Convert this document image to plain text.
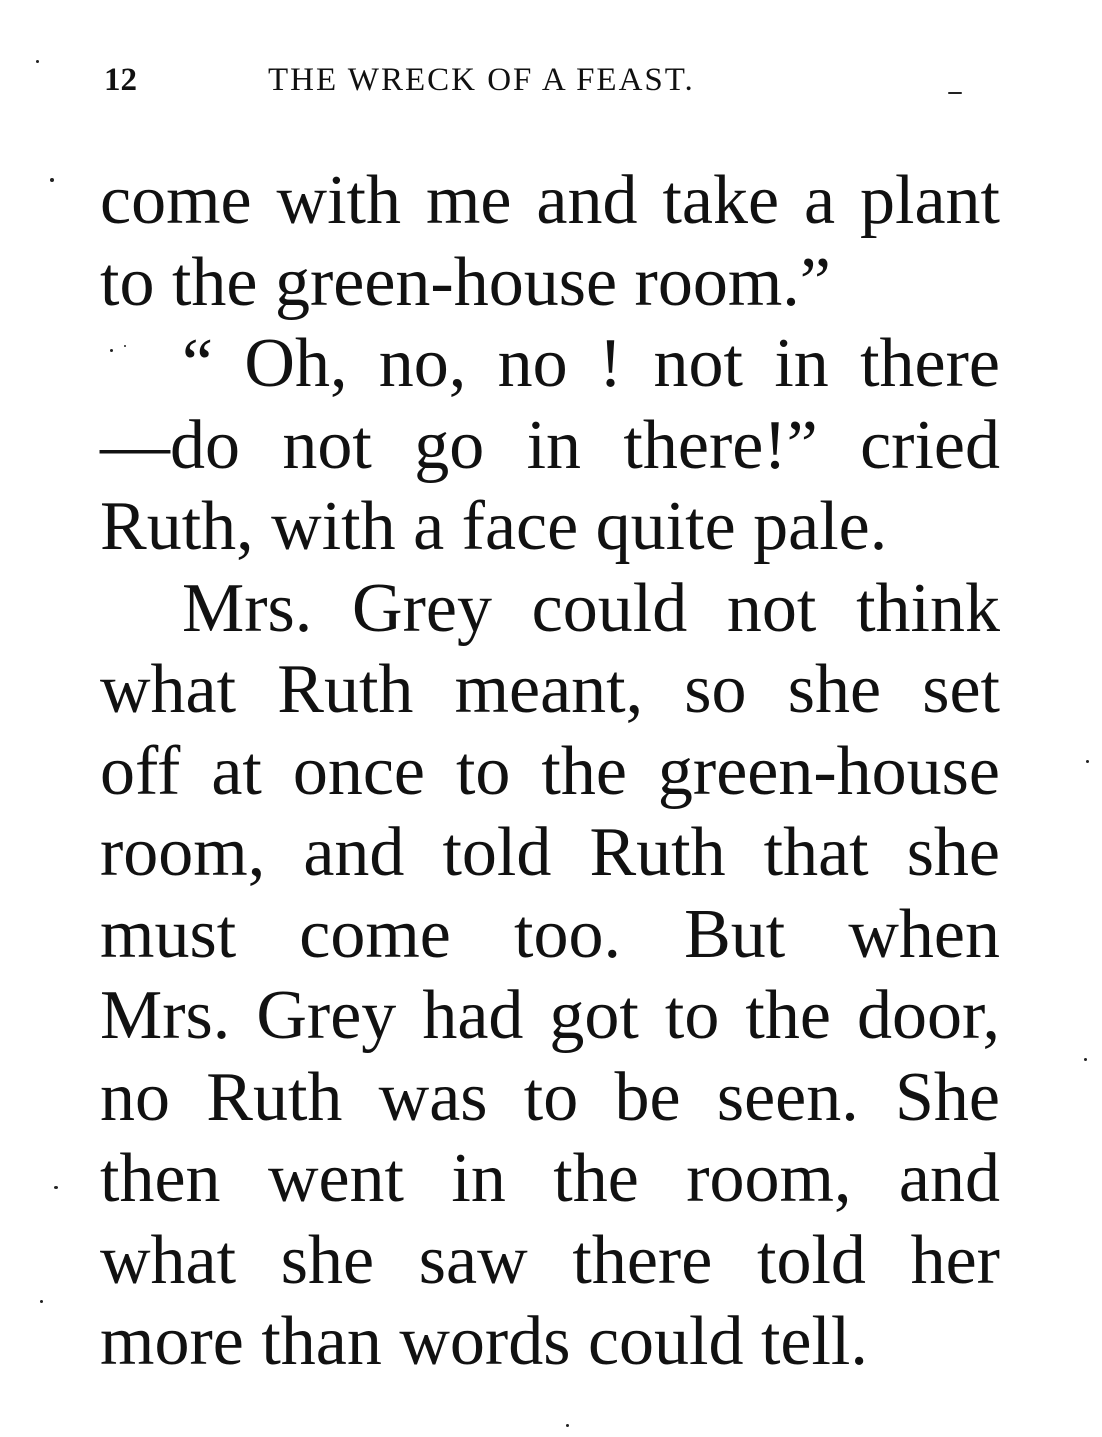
12	THE WRECK OF A FEAST.
come with me and take a plant
to the green-house room.”
“ Oh, no, no ! not in there
—do not go in there!” cried
Ruth, with a face quite pale.
Mrs. Grey could not think
what Ruth meant, so she set
off at once to the green-house
room, and told Ruth that she
must come too. But when
Mrs. Grey had got to the door,
no Ruth was to be seen. She
then went in the room, and
what she saw there told her
more than words could tell.
